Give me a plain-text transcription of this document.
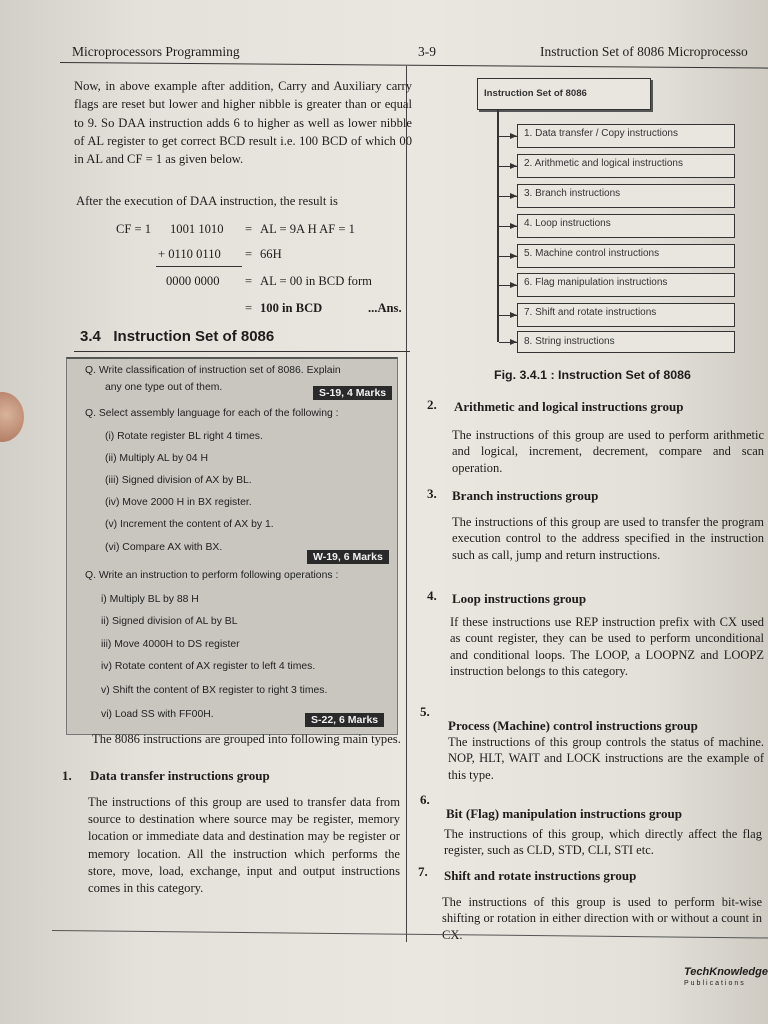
Microprocessors Programming	3-9	Instruction Set of 8086 Microprocesso
Now, in above example after addition, Carry and Auxiliary carry flags are reset but lower and higher nibble is greater than or equal to 9. So DAA instruction adds 6 to higher as well as lower nibble of AL register to get correct BCD result i.e. 100 BCD of which 00 in AL and CF = 1 as given below.
After the execution of DAA instruction, the result is
CF = 1 1001 1010 = AL = 9A H AF = 1
+ 0110 0110 = 66H
0000 0000 = AL = 00 in BCD form
= 100 in BCD	...Ans.
3.4 Instruction Set of 8086
Q. Write classification of instruction set of 8086. Explain
any one type out of them.	S-19, 4 Marks
Q. Select assembly language for each of the following :
(i) Rotate register BL right 4 times.
(ii) Multiply AL by 04 H
(iii) Signed division of AX by BL.
(iv) Move 2000 H in BX register.
(v) Increment the content of AX by 1.
(vi) Compare AX with BX.
W-19, 6 Marks
Q. Write an instruction to perform following operations :
i) Multiply BL by 88 H
ii) Signed division of AL by BL
iii) Move 4000H to DS register
iv) Rotate content of AX register to left 4 times.
v) Shift the content of BX register to right 3 times.
vi) Load SS with FF00H.	S-22, 6 Marks
The 8086 instructions are grouped into following main types.
1. Data transfer instructions group
The instructions of this group are used to transfer data from source to destination where source may be register, memory location or immediate data and destination may be register or memory location. All the instruction which performs the store, move, load, exchange, input and output instructions comes in this category.
Instruction Set of 8086
1. Data transfer / Copy instructions
2. Arithmetic and logical instructions
3. Branch instructions
4. Loop instructions
5. Machine control instructions
6. Flag manipulation instructions
7. Shift and rotate instructions
8. String instructions
Fig. 3.4.1 : Instruction Set of 8086
2. Arithmetic and logical instructions group
The instructions of this group are used to perform arithmetic and logical, increment, decrement, compare and scan operation.
3. Branch instructions group
The instructions of this group are used to transfer the program execution control to the address specified in the instruction such as call, jump and return instructions.
4. Loop instructions group
If these instructions use REP instruction prefix with CX used as count register, they can be used to perform unconditional and conditional loops. The LOOP, a LOOPNZ and LOOPZ instruction belongs to this category.
5.
Process (Machine) control instructions group
The instructions of this group controls the status of machine. NOP, HLT, WAIT and LOCK instructions are the example of this type.
6.
Bit (Flag) manipulation instructions group
The instructions of this group, which directly affect the flag register, such as CLD, STD, CLI, STI etc.
7. Shift and rotate instructions group
The instructions of this group is used to perform bit-wise shifting or rotation in either direction with or without a count in
TechKnowledge
Publications
